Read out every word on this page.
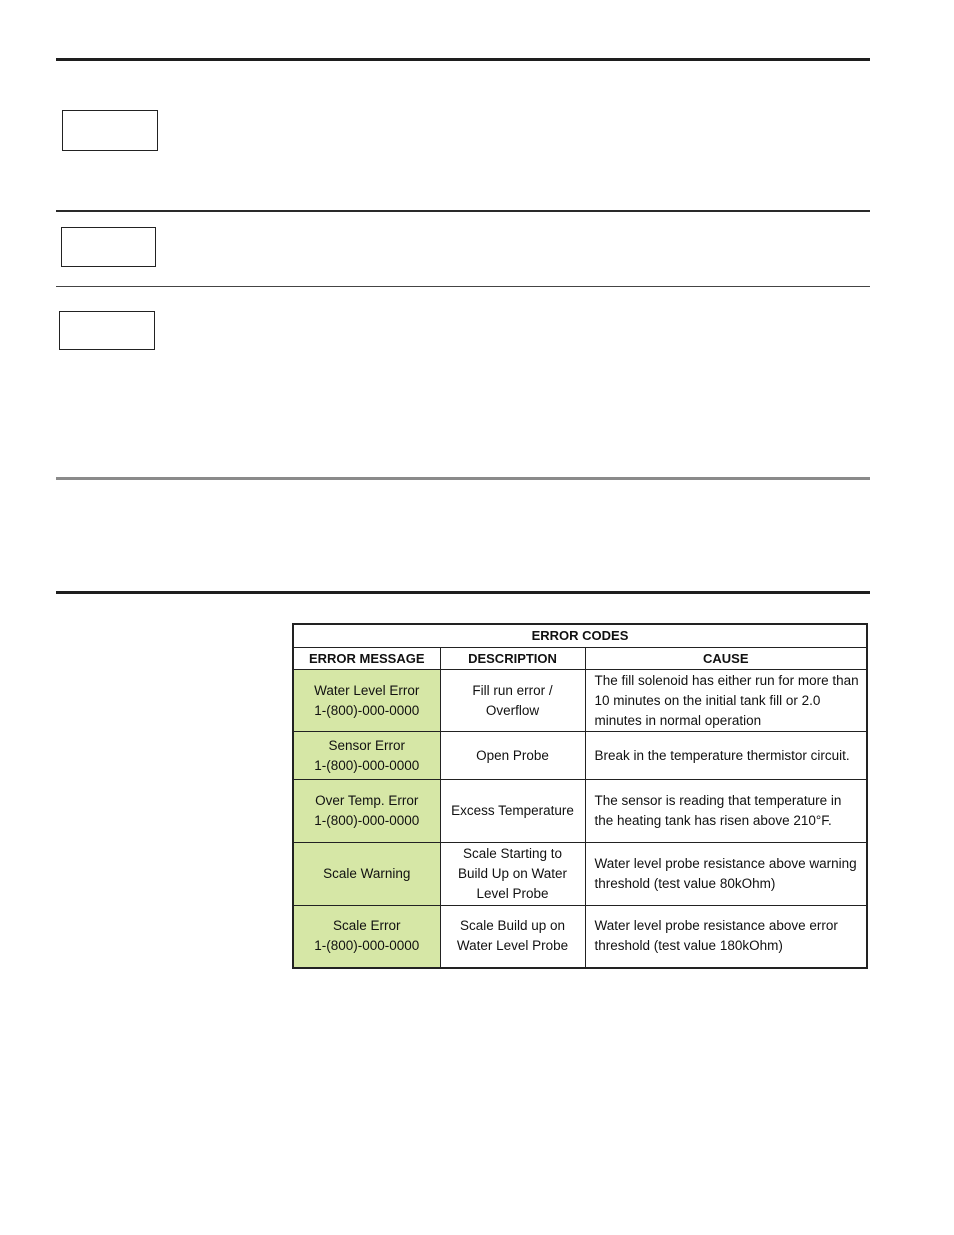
ERROR CODES		
ERROR MESSAGE	DESCRIPTION	CAUSE

Water Level Error
1-(800)-000-0000	Fill run error / Overflow	The fill solenoid has either run for more than 10 minutes on the initial tank fill or 2.0 minutes in normal operation

Sensor Error
1-(800)-000-0000	Open Probe	Break in the temperature thermistor circuit.

Over Temp. Error
1-(800)-000-0000	Excess Temperature	The sensor is reading that temperature in the heating tank has risen above 210°F.

Scale Warning	Scale Starting to Build Up on Water Level Probe	Water level probe resistance above warning threshold (test value 80kOhm)

Scale Error
1-(800)-000-0000	Scale Build up on Water Level Probe	Water level probe resistance above error threshold (test value 180kOhm)
